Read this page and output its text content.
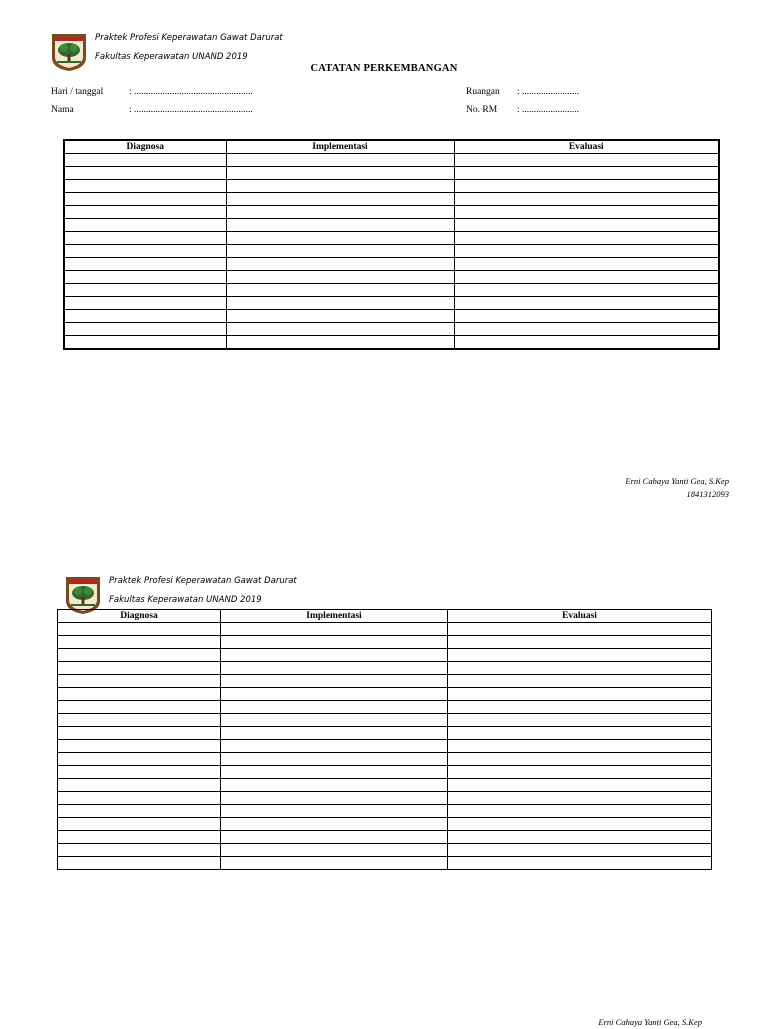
Praktek Profesi Keperawatan Gawat Darurat
Fakultas Keperawatan UNAND 2019
CATATAN PERKEMBANGAN
Hari / tanggal	: ..................................................
Nama	: ..................................................
Ruangan : ........................
No. RM : ........................
Diagnosa	Implementasi	Evaluasi

Erni Cahaya Yanti Gea, S.Kep
1841312093
Praktek Profesi Keperawatan Gawat Darurat
Fakultas Keperawatan UNAND 2019
Diagnosa	Implementasi	Evaluasi

Erni Cahaya Yanti Gea, S.Kep
